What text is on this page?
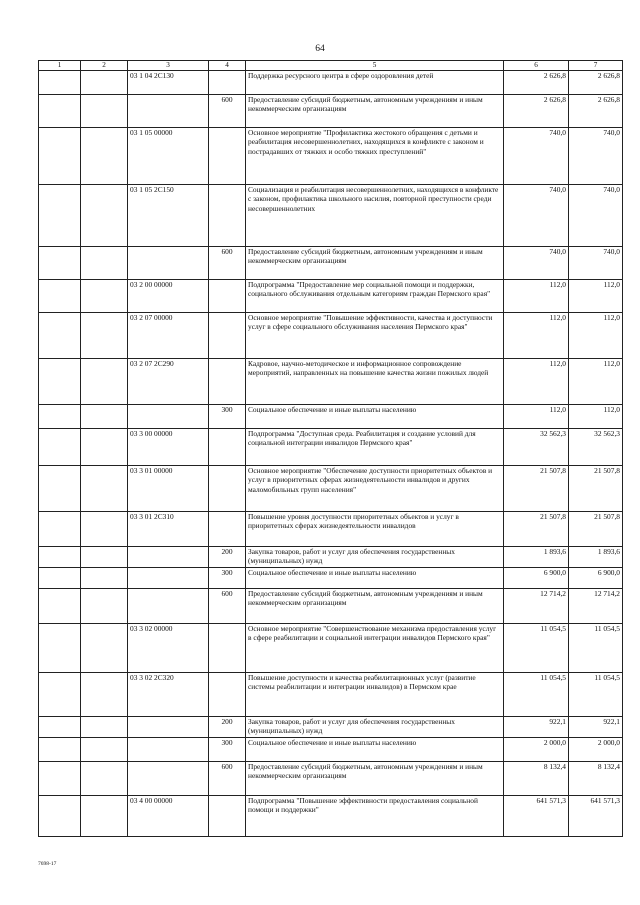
64
1	2	3	4	5	6	7
		03 1 04 2С130		Поддержка ресурсного центра в сфере оздоровления детей	2 626,8	2 626,8
			600	Предоставление субсидий бюджетным, автономным учреждениям и иным некоммерческим организациям	2 626,8	2 626,8
		03 1 05 00000		Основное мероприятие "Профилактика жестокого обращения с детьми и реабилитация несовершеннолетних, находящихся в конфликте с законом и пострадавших от тяжких и особо тяжких преступлений"	740,0	740,0
		03 1 05 2С150		Социализация и реабилитация несовершеннолетних, находящихся в конфликте с законом, профилактика школьного насилия, повторной преступности среди несовершеннолетних	740,0	740,0
			600	Предоставление субсидий бюджетным, автономным учреждениям и иным некоммерческим организациям	740,0	740,0
		03 2 00 00000		Подпрограмма "Предоставление мер социальной помощи и поддержки, социального обслуживания отдельным категориям граждан Пермского края"	112,0	112,0
		03 2 07 00000		Основное мероприятие "Повышение эффективности, качества и доступности услуг в сфере социального обслуживания населения Пермского края"	112,0	112,0
		03 2 07 2С290		Кадровое, научно-методическое и информационное сопровождение мероприятий, направленных на повышение качества жизни пожилых людей	112,0	112,0
			300	Социальное обеспечение и иные выплаты населению	112,0	112,0
		03 3 00 00000		Подпрограмма "Доступная среда. Реабилитация и создание условий для социальной интеграции инвалидов Пермского края"	32 562,3	32 562,3
		03 3 01 00000		Основное мероприятие "Обеспечение доступности приоритетных объектов и услуг в приоритетных сферах жизнедеятельности инвалидов и других маломобильных групп населения"	21 507,8	21 507,8
		03 3 01 2С310		Повышение уровня доступности приоритетных объектов и услуг в приоритетных сферах жизнедеятельности инвалидов	21 507,8	21 507,8
			200	Закупка товаров, работ и услуг для обеспечения государственных (муниципальных) нужд	1 893,6	1 893,6
			300	Социальное обеспечение и иные выплаты населению	6 900,0	6 900,0
			600	Предоставление субсидий бюджетным, автономным учреждениям и иным некоммерческим организациям	12 714,2	12 714,2
		03 3 02 00000		Основное мероприятие "Совершенствование механизма предоставления услуг в сфере реабилитации и социальной интеграции инвалидов Пермского края"	11 054,5	11 054,5
		03 3 02 2С320		Повышение доступности и качества реабилитационных услуг (развитие системы реабилитации и интеграции инвалидов) в Пермском крае	11 054,5	11 054,5
			200	Закупка товаров, работ и услуг для обеспечения государственных (муниципальных) нужд	922,1	922,1
			300	Социальное обеспечение и иные выплаты населению	2 000,0	2 000,0
			600	Предоставление субсидий бюджетным, автономным учреждениям и иным некоммерческим организациям	8 132,4	8 132,4
		03 4 00 00000		Подпрограмма "Повышение эффективности предоставления социальной помощи и поддержки"	641 571,3	641 571,3
7698-17
